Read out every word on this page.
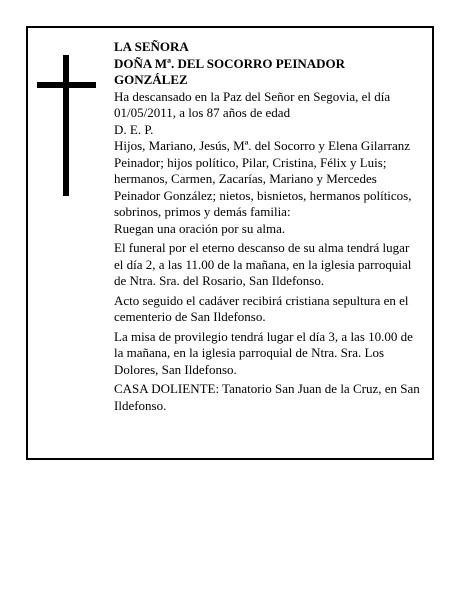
LA SEÑORA

DOÑA Mª. DEL SOCORRO PEINADOR GONZÁLEZ

Ha descansado en la Paz del Señor en Segovia, el día 01/05/2011, a los 87 años de edad

D. E. P.

Hijos, Mariano, Jesús, Mª. del Socorro y Elena Gilarranz Peinador; hijos político, Pilar, Cristina, Félix y Luis; hermanos, Carmen, Zacarías, Mariano y Mercedes Peinador González; nietos, bisnietos, hermanos políticos, sobrinos, primos y demás familia:

Ruegan una oración por su alma.

El funeral por el eterno descanso de su alma tendrá lugar el día 2, a las 11.00 de la mañana, en la iglesia parroquial de Ntra. Sra. del Rosario, San Ildefonso.

Acto seguido el cadáver recibirá cristiana sepultura en el cementerio de San Ildefonso.

La misa de provilegio tendrá lugar el día 3, a las 10.00 de la mañana, en la iglesia parroquial de Ntra. Sra. Los Dolores, San Ildefonso.

CASA DOLIENTE: Tanatorio San Juan de la Cruz, en San Ildefonso.
